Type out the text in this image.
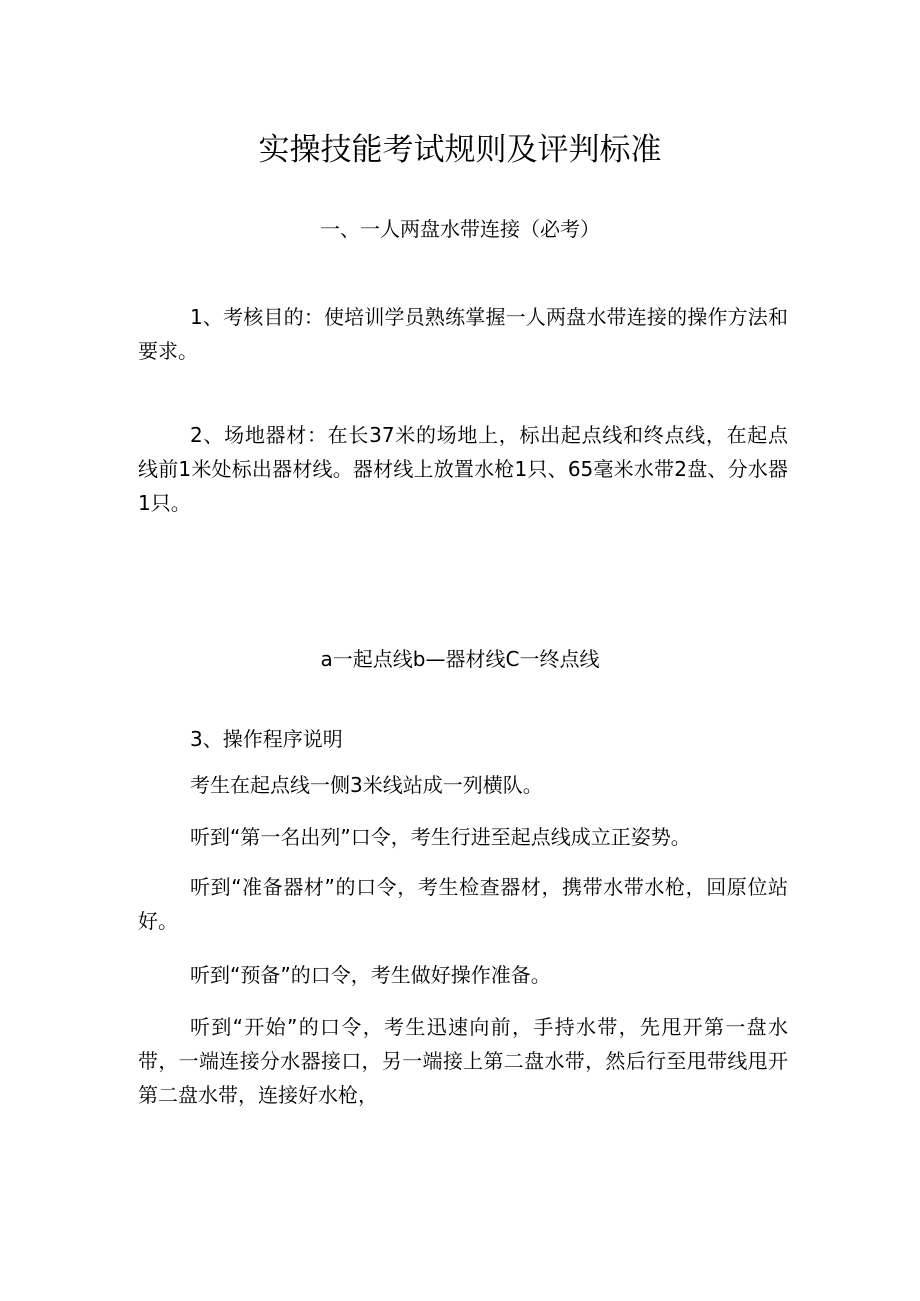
实操技能考试规则及评判标准
一、一人两盘水带连接（必考）

1、考核目的：使培训学员熟练掌握一人两盘水带连接的操作方法和要求。

2、场地器材：在长37米的场地上，标出起点线和终点线，在起点线前1米处标出器材线。器材线上放置水枪1只、65毫米水带2盘、分水器1只。

a一起点线b—器材线C一终点线

3、操作程序说明

考生在起点线一侧3米线站成一列横队。

听到“第一名出列”口令，考生行进至起点线成立正姿势。

听到“准备器材”的口令，考生检查器材，携带水带水枪，回原位站好。

听到“预备”的口令，考生做好操作准备。

听到“开始”的口令，考生迅速向前，手持水带，先甩开第一盘水带，一端连接分水器接口，另一端接上第二盘水带，然后行至甩带线甩开第二盘水带，连接好水枪，
